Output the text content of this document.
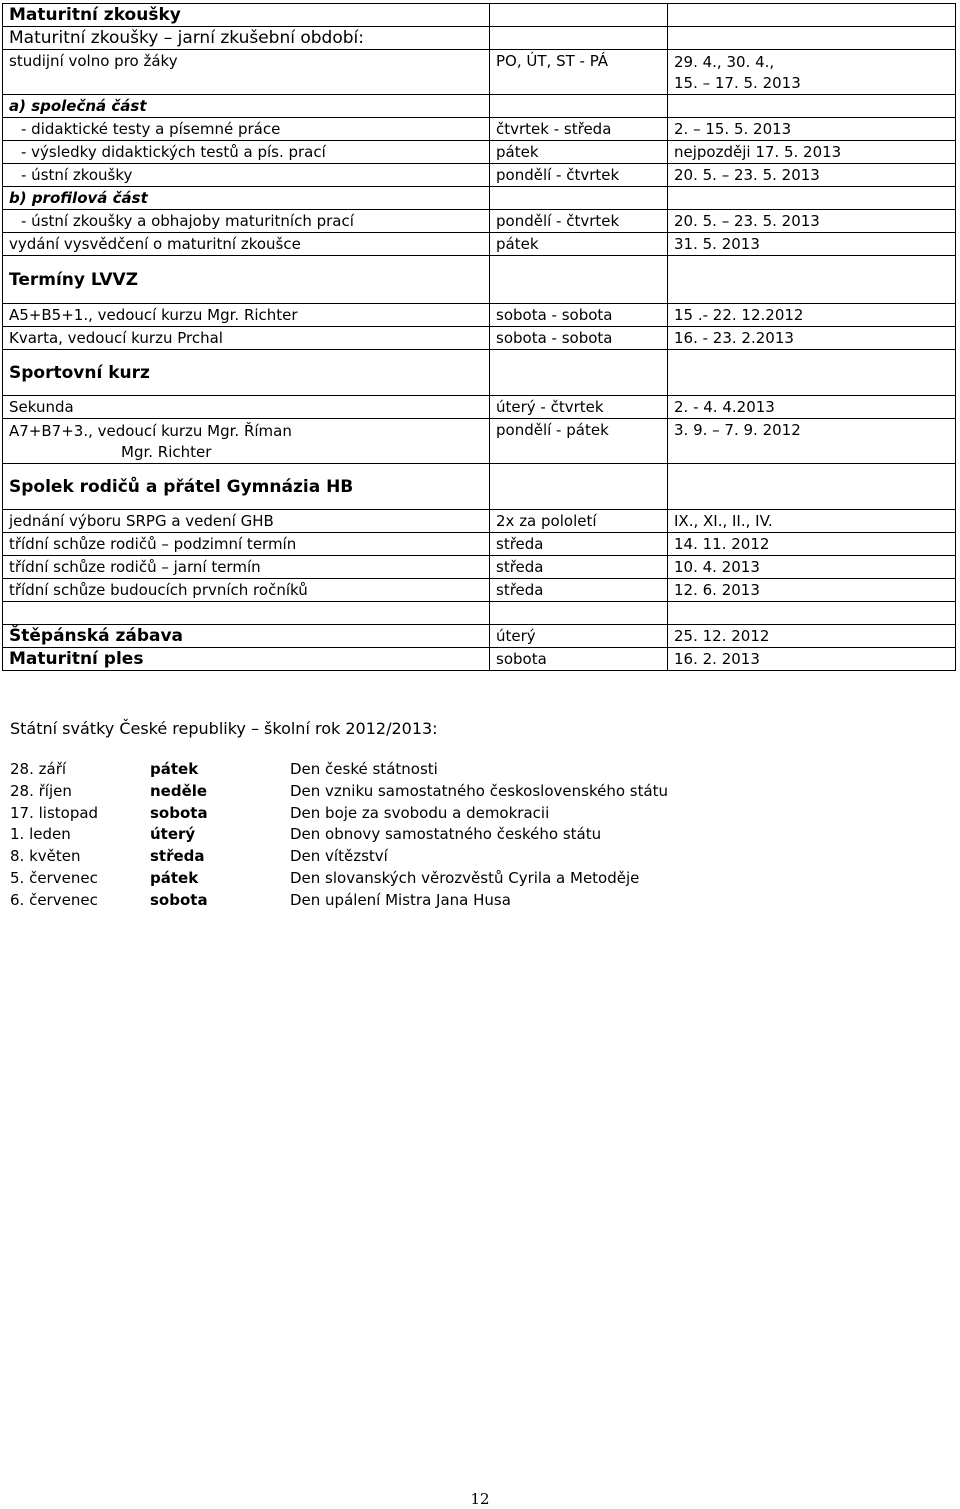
Maturitní zkoušky		
Maturitní zkoušky – jarní zkušební období:		
studijní volno pro žáky	PO, ÚT, ST - PÁ	29. 4., 30. 4.,
15. – 17. 5. 2013

a) společná část		
- didaktické testy a písemné práce	čtvrtek - středa	2. – 15. 5. 2013
- výsledky didaktických testů a pís. prací	pátek	nejpozději 17. 5. 2013
- ústní zkoušky	pondělí - čtvrtek	20. 5. – 23. 5. 2013
b) profilová část		
- ústní zkoušky a obhajoby maturitních prací	pondělí - čtvrtek	20. 5. – 23. 5. 2013
vydání vysvědčení o maturitní zkoušce	pátek	31. 5. 2013
Termíny LVVZ		
A5+B5+1., vedoucí kurzu Mgr. Richter	sobota - sobota	15 .- 22. 12.2012
Kvarta, vedoucí kurzu Prchal	sobota - sobota	16. - 23. 2.2013
Sportovní kurz		
Sekunda	úterý - čtvrtek	2. - 4. 4.2013

A7+B7+3., vedoucí kurzu Mgr. Říman
Mgr. Richter	pondělí - pátek	3. 9. – 7. 9. 2012
Spolek rodičů a přátel Gymnázia HB		
jednání výboru SRPG a vedení GHB	2x za pololetí	IX., XI., II., IV.
třídní schůze rodičů – podzimní termín	středa	14. 11. 2012
třídní schůze rodičů – jarní termín	středa	10. 4. 2013
třídní schůze budoucích prvních ročníků	středa	12. 6. 2013

Štěpánská zábava	úterý	25. 12. 2012
Maturitní ples	sobota	16. 2. 2013
Státní svátky České republiky – školní rok 2012/2013:
28. září	pátek	Den české státnosti
28. říjen	neděle	Den vzniku samostatného československého státu
17. listopad	sobota	Den boje za svobodu a demokracii
1. leden	úterý	Den obnovy samostatného českého státu
8. květen	středa	Den vítězství
5. červenec	pátek	Den slovanských věrozvěstů Cyrila a Metoděje
6. červenec	sobota	Den upálení Mistra Jana Husa
12
